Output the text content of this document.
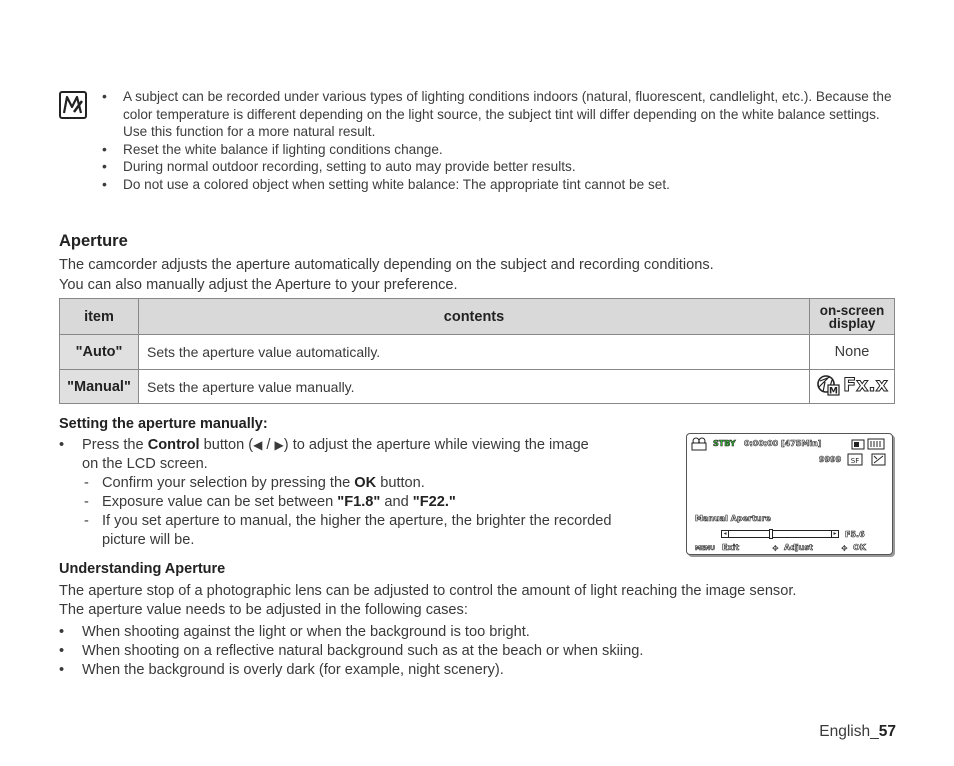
• A subject can be recorded under various types of lighting conditions indoors (natural, fluorescent, candlelight, etc.). Because the color temperature is different depending on the light source, the subject tint will differ depending on the white balance settings. Use this function for a more natural result.
• Reset the white balance if lighting conditions change.
• During normal outdoor recording, setting to auto may provide better results.
• Do not use a colored object when setting white balance: The appropriate tint cannot be set.
Aperture
The camcorder adjusts the aperture automatically depending on the subject and recording conditions.
You can also manually adjust the Aperture to your preference.
item	contents	on-screen
display
"Auto"	Sets the aperture value automatically.	None
"Manual"	Sets the aperture value manually.	M Fx.x
Setting the aperture manually:
• Press the Control button (◀ / ▶) to adjust the aperture while viewing the image
on the LCD screen.
- Confirm your selection by pressing the OK button.
- Exposure value can be set between "F1.8" and "F22."
- If you set aperture to manual, the higher the aperture, the brighter the recorded
picture will be.
STBY 0:00:00 [475Min]
9999 SF
Manual Aperture
◂	▸	F5.6
MENU Exit	✥ Adjust	✥ OK
Understanding Aperture
The aperture stop of a photographic lens can be adjusted to control the amount of light reaching the image sensor.
The aperture value needs to be adjusted in the following cases:
• When shooting against the light or when the background is too bright.
• When shooting on a reflective natural background such as at the beach or when skiing.
• When the background is overly dark (for example, night scenery).
English_57
